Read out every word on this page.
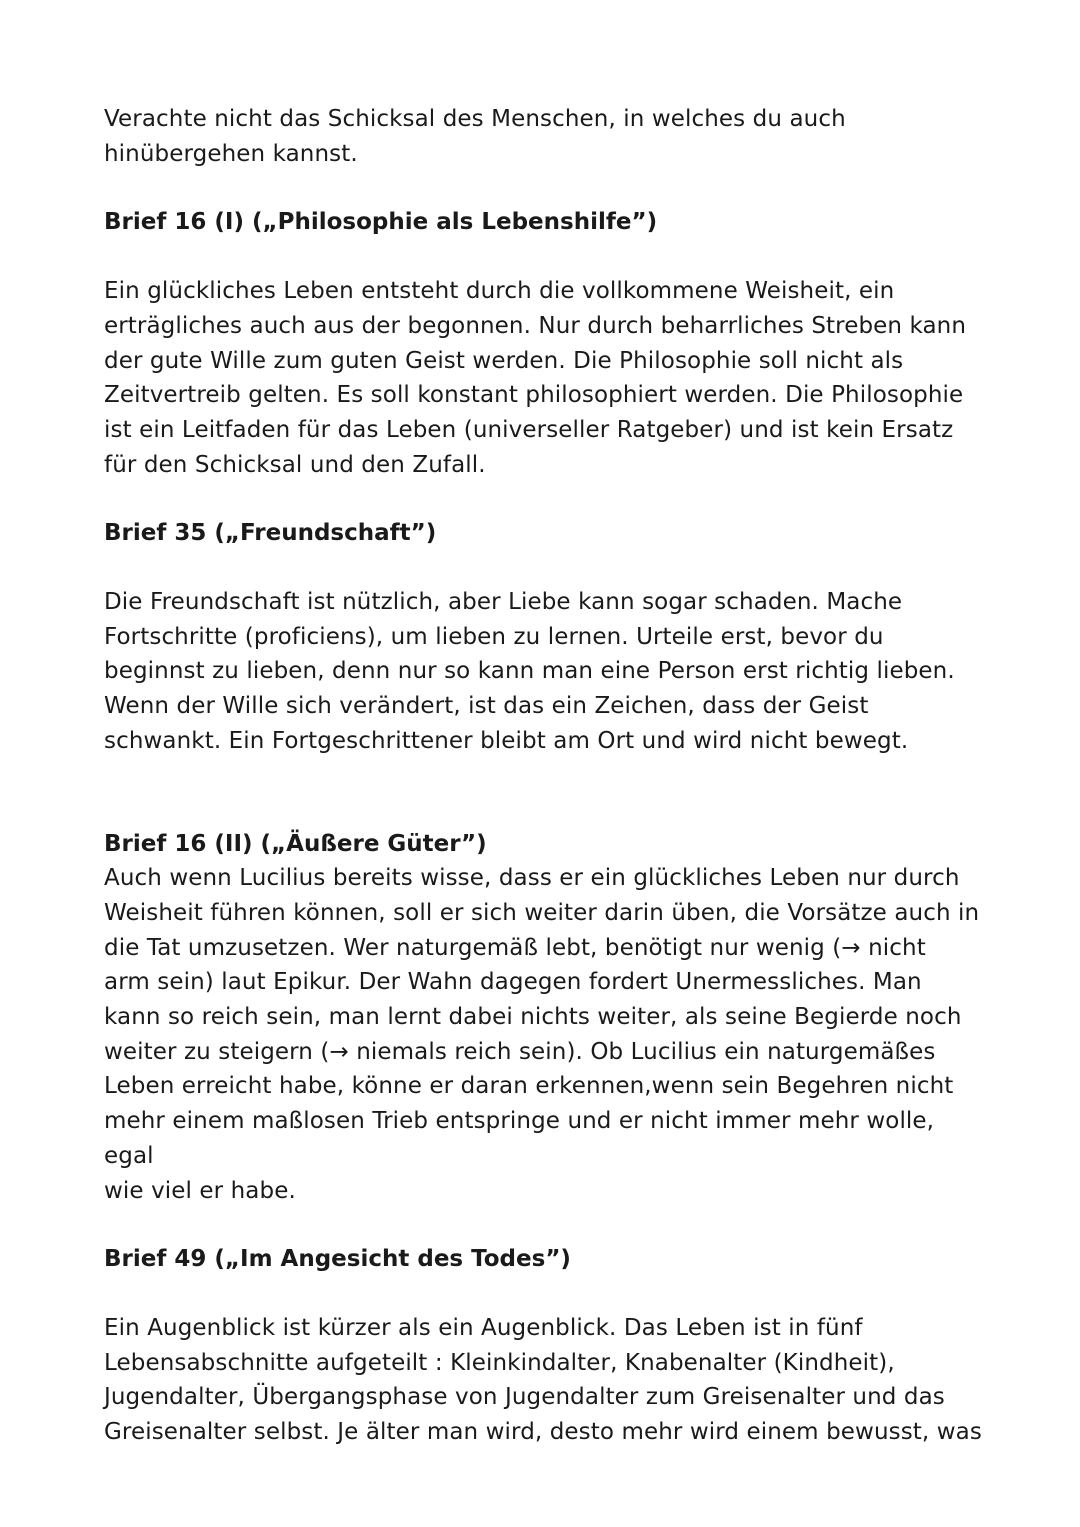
Verachte nicht das Schicksal des Menschen, in welches du auch
hinübergehen kannst.

Brief 16 (I) („Philosophie als Lebenshilfe”)

Ein glückliches Leben entsteht durch die vollkommene Weisheit, ein
erträgliches auch aus der begonnen. Nur durch beharrliches Streben kann
der gute Wille zum guten Geist werden. Die Philosophie soll nicht als
Zeitvertreib gelten. Es soll konstant philosophiert werden. Die Philosophie
ist ein Leitfaden für das Leben (universeller Ratgeber) und ist kein Ersatz
für den Schicksal und den Zufall.

Brief 35 („Freundschaft”)

Die Freundschaft ist nützlich, aber Liebe kann sogar schaden. Mache
Fortschritte (proficiens), um lieben zu lernen. Urteile erst, bevor du
beginnst zu lieben, denn nur so kann man eine Person erst richtig lieben.
Wenn der Wille sich verändert, ist das ein Zeichen, dass der Geist
schwankt. Ein Fortgeschrittener bleibt am Ort und wird nicht bewegt.

Brief 16 (II) („Äußere Güter”)

Auch wenn Lucilius bereits wisse, dass er ein glückliches Leben nur durch
Weisheit führen können, soll er sich weiter darin üben, die Vorsätze auch in
die Tat umzusetzen. Wer naturgemäß lebt, benötigt nur wenig (→ nicht
arm sein) laut Epikur. Der Wahn dagegen fordert Unermessliches. Man
kann so reich sein, man lernt dabei nichts weiter, als seine Begierde noch
weiter zu steigern (→ niemals reich sein). Ob Lucilius ein naturgemäßes
Leben erreicht habe, könne er daran erkennen,wenn sein Begehren nicht
mehr einem maßlosen Trieb entspringe und er nicht immer mehr wolle, egal
wie viel er habe.

Brief 49 („Im Angesicht des Todes”)

Ein Augenblick ist kürzer als ein Augenblick. Das Leben ist in fünf
Lebensabschnitte aufgeteilt : Kleinkindalter, Knabenalter (Kindheit),
Jugendalter, Übergangsphase von Jugendalter zum Greisenalter und das
Greisenalter selbst. Je älter man wird, desto mehr wird einem bewusst, was
